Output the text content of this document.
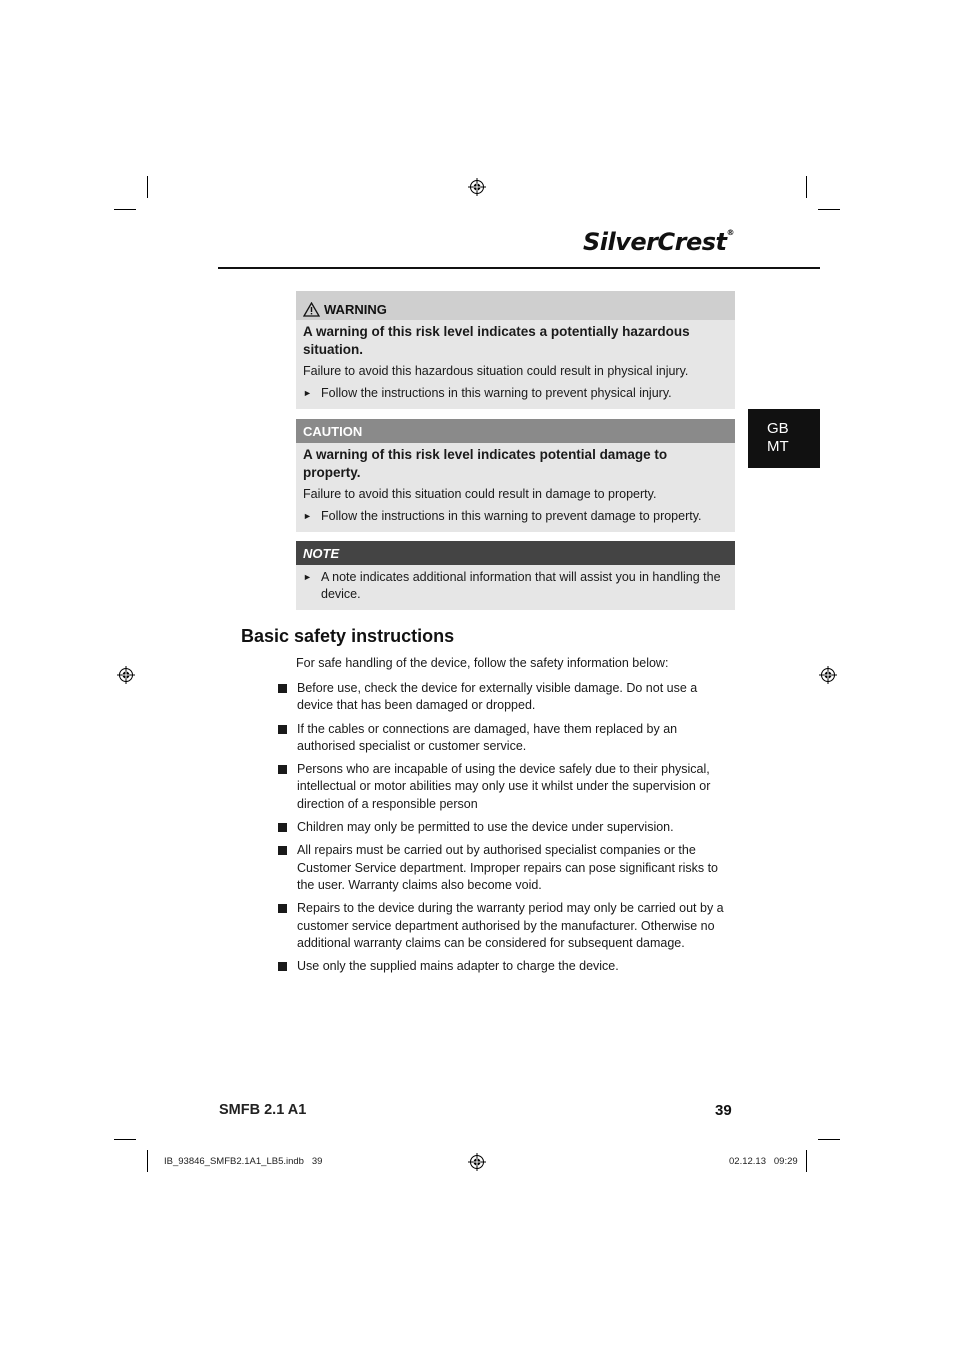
SilverCrest®
GB
MT
WARNING
A warning of this risk level indicates a potentially hazardous situation.

Failure to avoid this hazardous situation could result in physical injury.

► Follow the instructions in this warning to prevent physical injury.
CAUTION
A warning of this risk level indicates potential damage to property.

Failure to avoid this situation could result in damage to property.

► Follow the instructions in this warning to prevent damage to property.
NOTE
► A note indicates additional information that will assist you in handling the device.
Basic safety instructions
For safe handling of the device, follow the safety information below:
Before use, check the device for externally visible damage. Do not use a device that has been damaged or dropped.
If the cables or connections are damaged, have them replaced by an authorised specialist or customer service.
Persons who are incapable of using the device safely due to their physical, intellectual or motor abilities may only use it whilst under the supervision or direction of a responsible person
Children may only be permitted to use the device under supervision.
All repairs must be carried out by authorised specialist companies or the Customer Service department. Improper repairs can pose significant risks to the user. Warranty claims also become void.
Repairs to the device during the warranty period may only be carried out by a customer service department authorised by the manufacturer. Otherwise no additional warranty claims can be considered for subsequent damage.
Use only the supplied mains adapter to charge the device.
SMFB 2.1 A1	39
IB_93846_SMFB2.1A1_LB5.indb   39	02.12.13   09:29
